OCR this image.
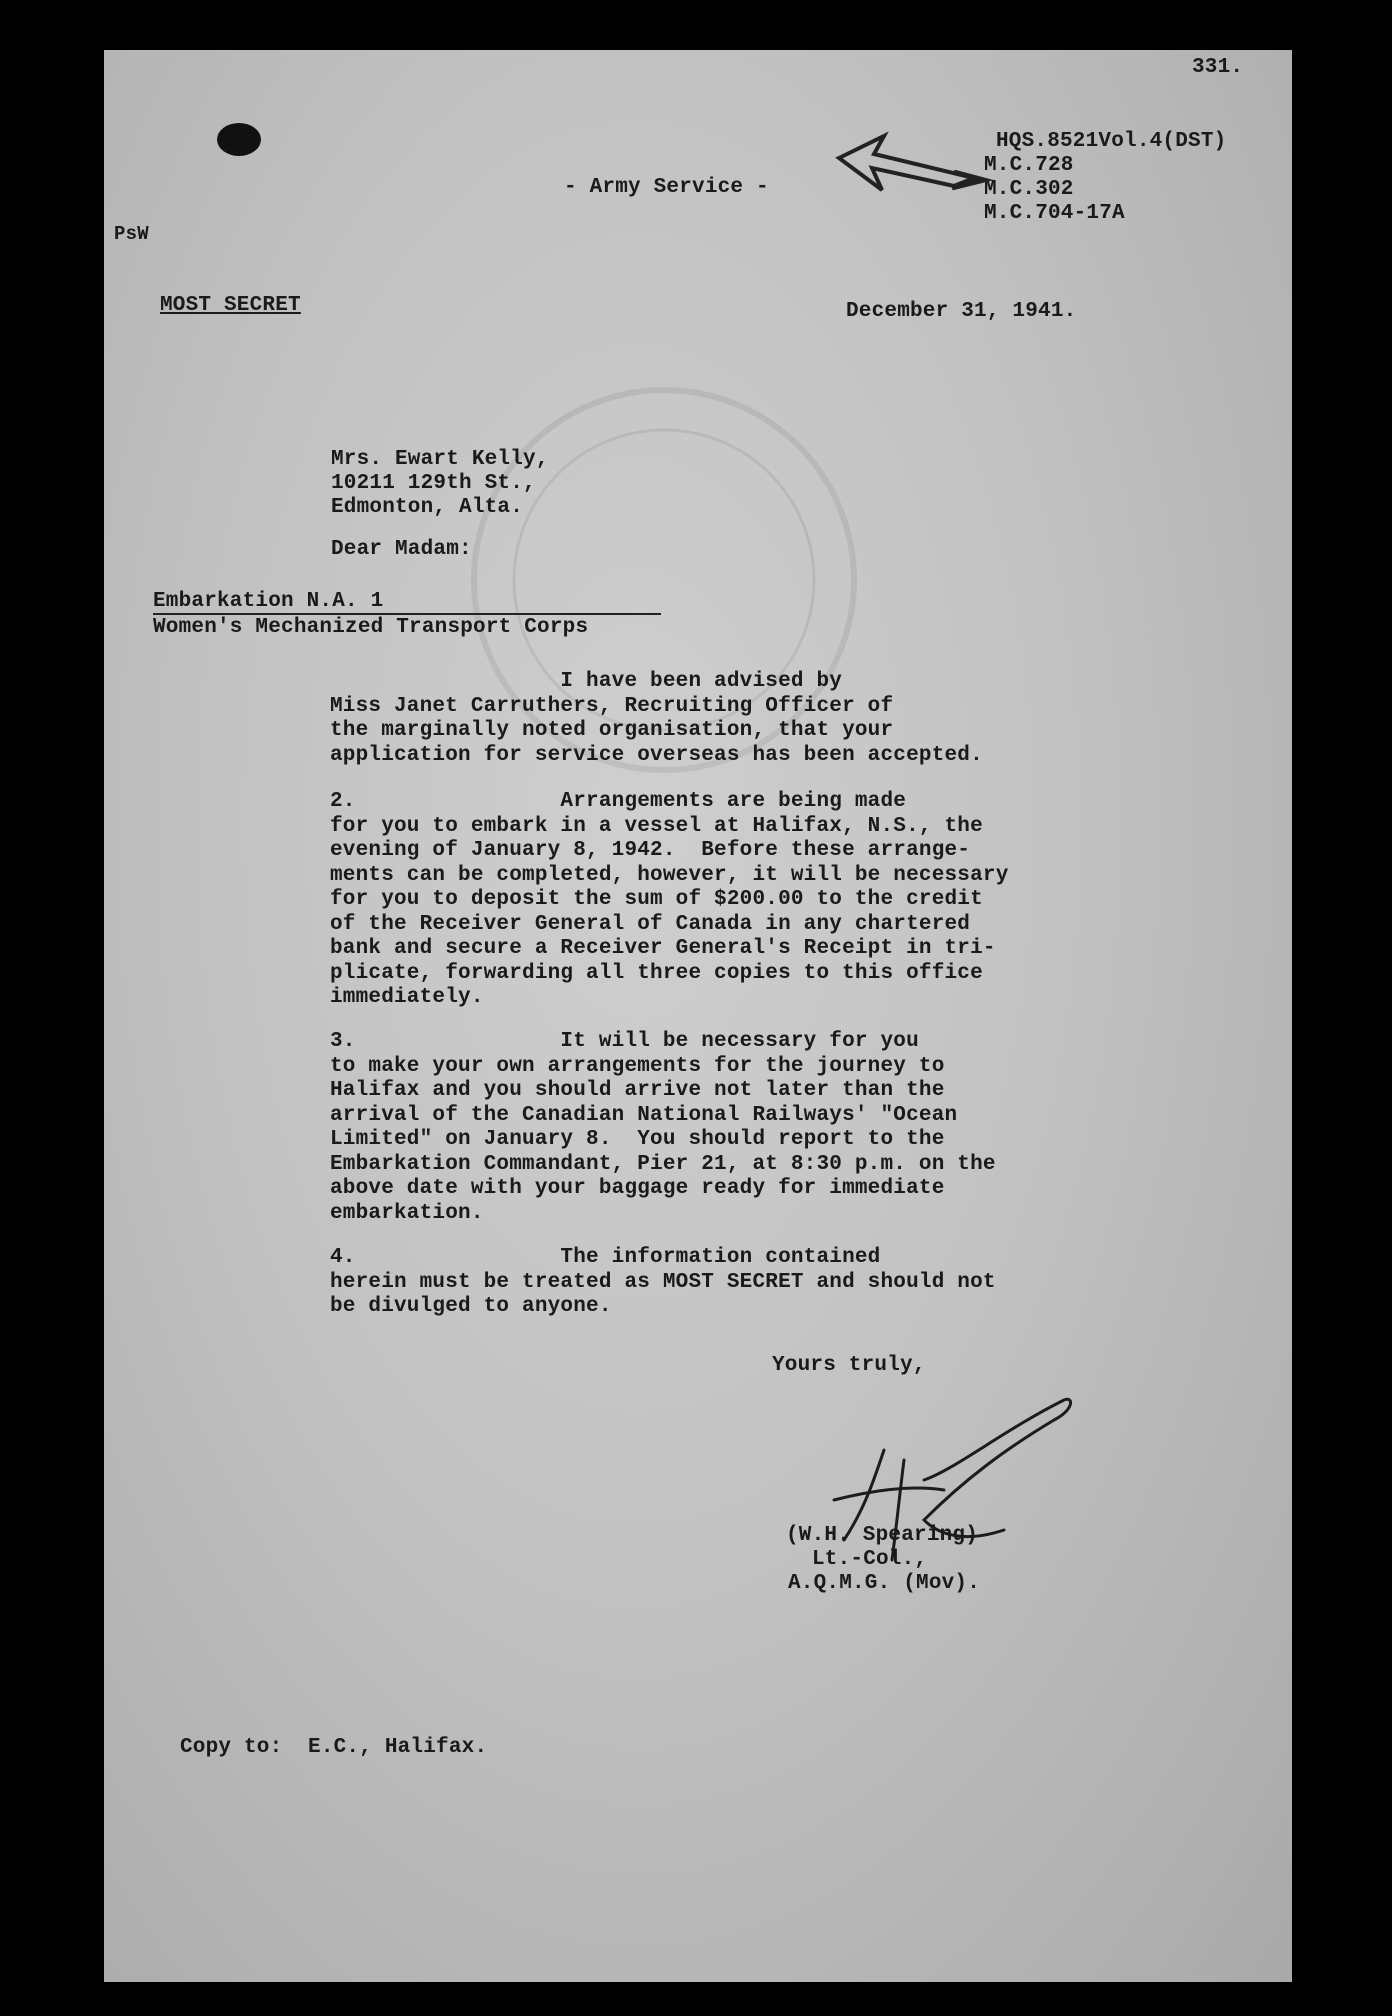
331.
HQS.8521Vol.4(DST)
M.C.728
M.C.302
M.C.704-17A
- Army Service -
PsW
MOST SECRET	December 31, 1941.
Mrs. Ewart Kelly,
10211 129th St.,
Edmonton, Alta.
Dear Madam:
Embarkation N.A. 1
Women's Mechanized Transport Corps
I have been advised by
Miss Janet Carruthers, Recruiting Officer of
the marginally noted organisation, that your
application for service overseas has been accepted.
2.                Arrangements are being made
for you to embark in a vessel at Halifax, N.S., the
evening of January 8, 1942.  Before these arrange-
ments can be completed, however, it will be necessary
for you to deposit the sum of $200.00 to the credit
of the Receiver General of Canada in any chartered
bank and secure a Receiver General's Receipt in tri-
plicate, forwarding all three copies to this office
immediately.
3.                It will be necessary for you
to make your own arrangements for the journey to
Halifax and you should arrive not later than the
arrival of the Canadian National Railways' "Ocean
Limited" on January 8.  You should report to the
Embarkation Commandant, Pier 21, at 8:30 p.m. on the
above date with your baggage ready for immediate
embarkation.
4.                The information contained
herein must be treated as MOST SECRET and should not
be divulged to anyone.
Yours truly,
(W.H. Spearing)
Lt.-Col.,
A.Q.M.G. (Mov).
Copy to:  E.C., Halifax.
